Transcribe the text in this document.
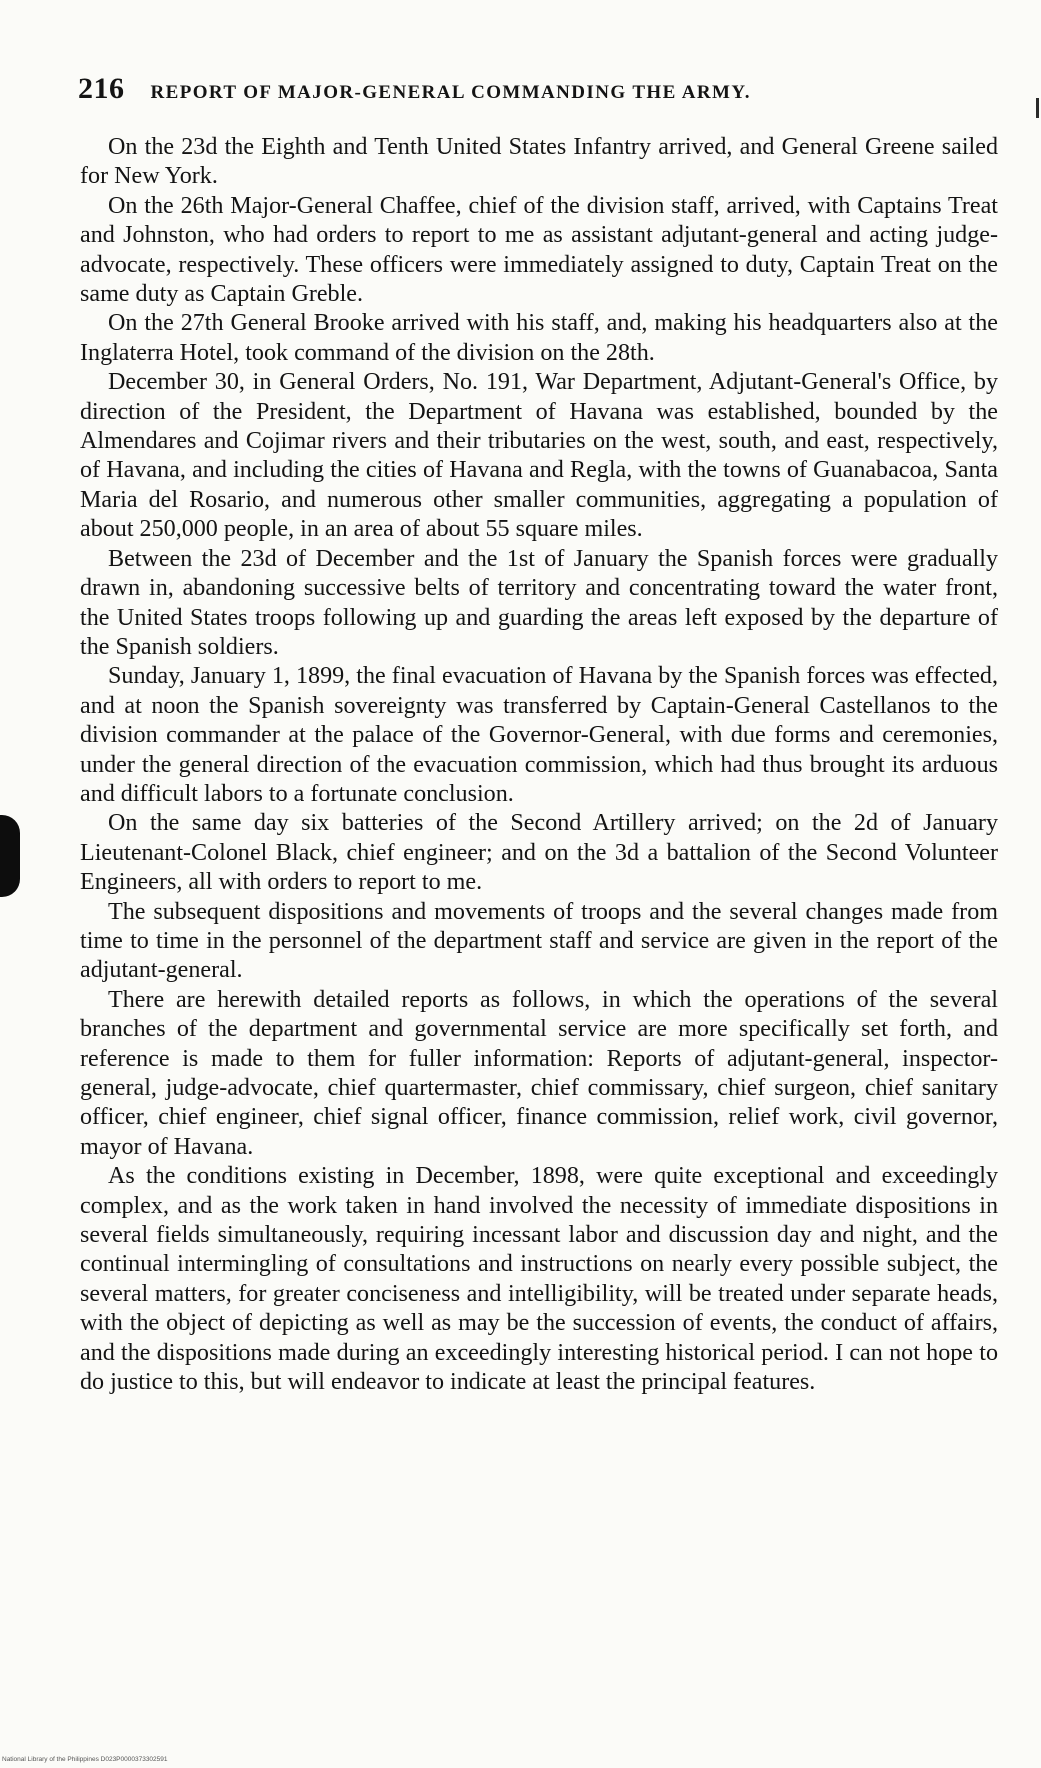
216 REPORT OF MAJOR-GENERAL COMMANDING THE ARMY.

On the 23d the Eighth and Tenth United States Infantry arrived, and General Greene sailed for New York.

On the 26th Major-General Chaffee, chief of the division staff, arrived, with Captains Treat and Johnston, who had orders to report to me as assistant adjutant-general and acting judge-advocate, respectively. These officers were immediately assigned to duty, Captain Treat on the same duty as Captain Greble.

On the 27th General Brooke arrived with his staff, and, making his headquarters also at the Inglaterra Hotel, took command of the division on the 28th.

December 30, in General Orders, No. 191, War Department, Adjutant-General's Office, by direction of the President, the Department of Havana was established, bounded by the Almendares and Cojimar rivers and their tributaries on the west, south, and east, respectively, of Havana, and including the cities of Havana and Regla, with the towns of Guanabacoa, Santa Maria del Rosario, and numerous other smaller communities, aggregating a population of about 250,000 people, in an area of about 55 square miles.

Between the 23d of December and the 1st of January the Spanish forces were gradually drawn in, abandoning successive belts of territory and concentrating toward the water front, the United States troops following up and guarding the areas left exposed by the departure of the Spanish soldiers.

Sunday, January 1, 1899, the final evacuation of Havana by the Spanish forces was effected, and at noon the Spanish sovereignty was transferred by Captain-General Castellanos to the division commander at the palace of the Governor-General, with due forms and ceremonies, under the general direction of the evacuation commission, which had thus brought its arduous and difficult labors to a fortunate conclusion.

On the same day six batteries of the Second Artillery arrived; on the 2d of January Lieutenant-Colonel Black, chief engineer; and on the 3d a battalion of the Second Volunteer Engineers, all with orders to report to me.

The subsequent dispositions and movements of troops and the several changes made from time to time in the personnel of the department staff and service are given in the report of the adjutant-general.

There are herewith detailed reports as follows, in which the operations of the several branches of the department and governmental service are more specifically set forth, and reference is made to them for fuller information: Reports of adjutant-general, inspector-general, judge-advocate, chief quartermaster, chief commissary, chief surgeon, chief sanitary officer, chief engineer, chief signal officer, finance commission, relief work, civil governor, mayor of Havana.

As the conditions existing in December, 1898, were quite exceptional and exceedingly complex, and as the work taken in hand involved the necessity of immediate dispositions in several fields simultaneously, requiring incessant labor and discussion day and night, and the continual intermingling of consultations and instructions on nearly every possible subject, the several matters, for greater conciseness and intelligibility, will be treated under separate heads, with the object of depicting as well as may be the succession of events, the conduct of affairs, and the dispositions made during an exceedingly interesting historical period. I can not hope to do justice to this, but will endeavor to indicate at least the principal features.

National Library of the Philippines D023P0000373302591
